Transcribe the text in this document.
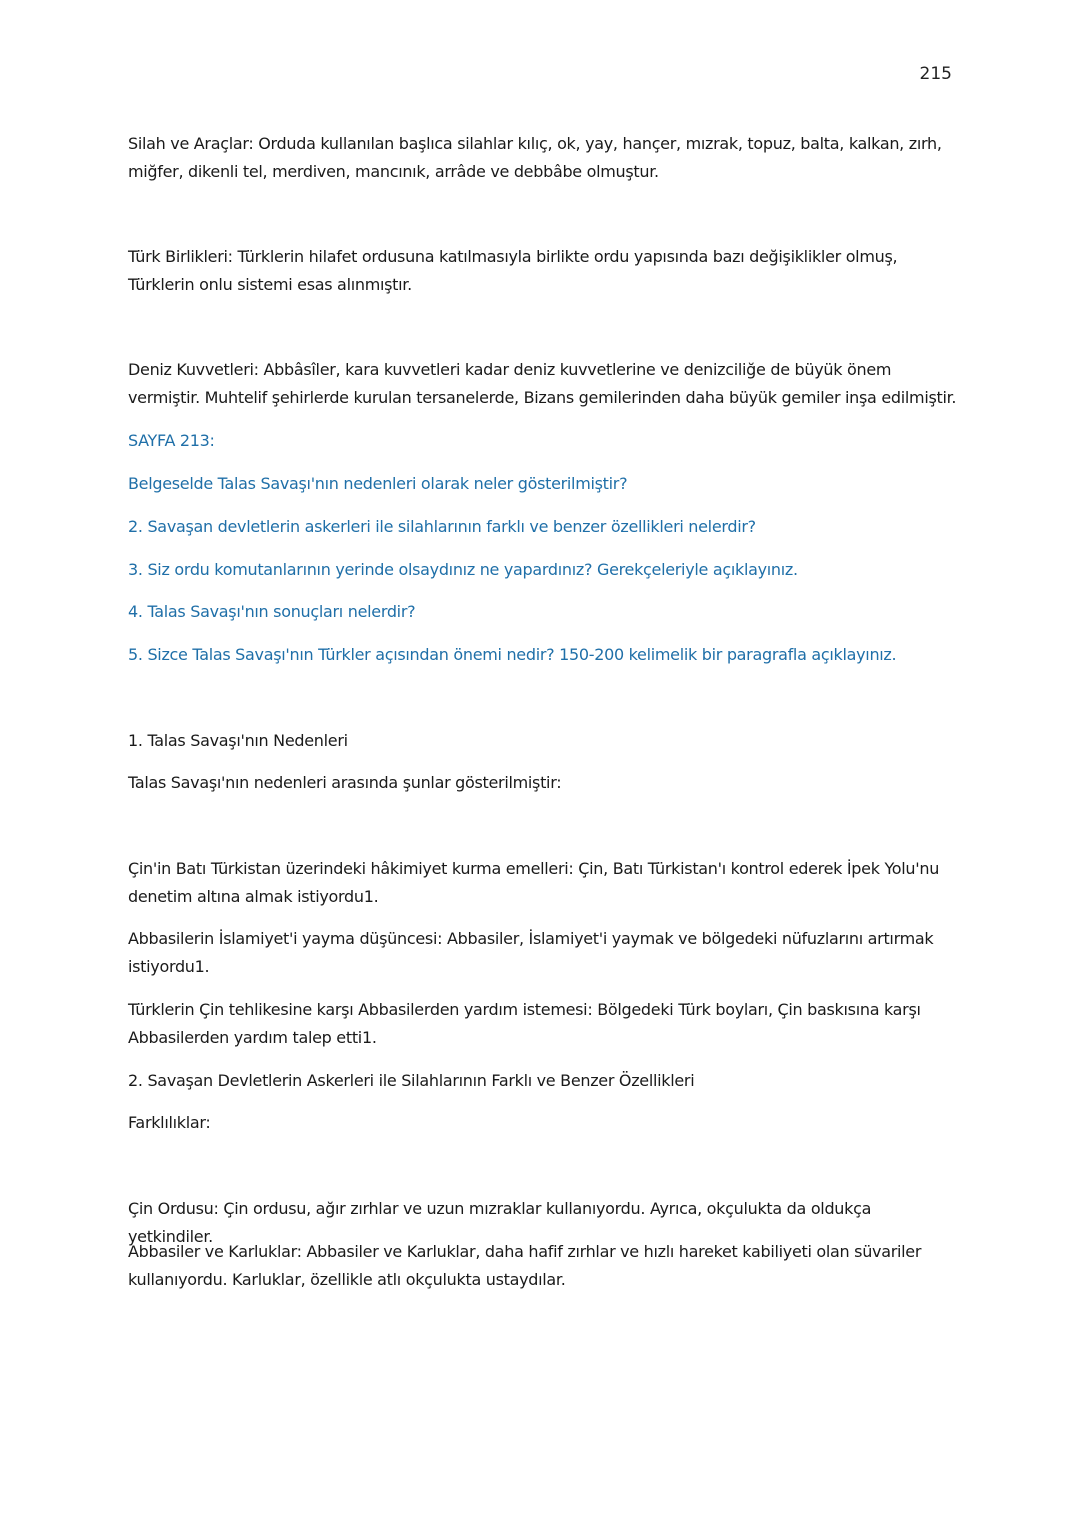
215

Silah ve Araçlar: Orduda kullanılan başlıca silahlar kılıç, ok, yay, hançer, mızrak, topuz, balta, kalkan, zırh, miğfer, dikenli tel, merdiven, mancınık, arrâde ve debbâbe olmuştur.

Türk Birlikleri: Türklerin hilafet ordusuna katılmasıyla birlikte ordu yapısında bazı değişiklikler olmuş, Türklerin onlu sistemi esas alınmıştır.

Deniz Kuvvetleri: Abbâsîler, kara kuvvetleri kadar deniz kuvvetlerine ve denizciliğe de büyük önem vermiştir. Muhtelif şehirlerde kurulan tersanelerde, Bizans gemilerinden daha büyük gemiler inşa edilmiştir.

SAYFA 213:

Belgeselde Talas Savaşı'nın nedenleri olarak neler gösterilmiştir?

2. Savaşan devletlerin askerleri ile silahlarının farklı ve benzer özellikleri nelerdir?

3. Siz ordu komutanlarının yerinde olsaydınız ne yapardınız? Gerekçeleriyle açıklayınız.

4. Talas Savaşı'nın sonuçları nelerdir?

5. Sizce Talas Savaşı'nın Türkler açısından önemi nedir? 150-200 kelimelik bir paragrafla açıklayınız.

1. Talas Savaşı'nın Nedenleri

Talas Savaşı'nın nedenleri arasında şunlar gösterilmiştir:

Çin'in Batı Türkistan üzerindeki hâkimiyet kurma emelleri: Çin, Batı Türkistan'ı kontrol ederek İpek Yolu'nu denetim altına almak istiyordu1.

Abbasilerin İslamiyet'i yayma düşüncesi: Abbasiler, İslamiyet'i yaymak ve bölgedeki nüfuzlarını artırmak istiyordu1.

Türklerin Çin tehlikesine karşı Abbasilerden yardım istemesi: Bölgedeki Türk boyları, Çin baskısına karşı Abbasilerden yardım talep etti1.

2. Savaşan Devletlerin Askerleri ile Silahlarının Farklı ve Benzer Özellikleri

Farklılıklar:

Çin Ordusu: Çin ordusu, ağır zırhlar ve uzun mızraklar kullanıyordu. Ayrıca, okçulukta da oldukça yetkindiler.

Abbasiler ve Karluklar: Abbasiler ve Karluklar, daha hafif zırhlar ve hızlı hareket kabiliyeti olan süvariler kullanıyordu. Karluklar, özellikle atlı okçulukta ustaydılar.
